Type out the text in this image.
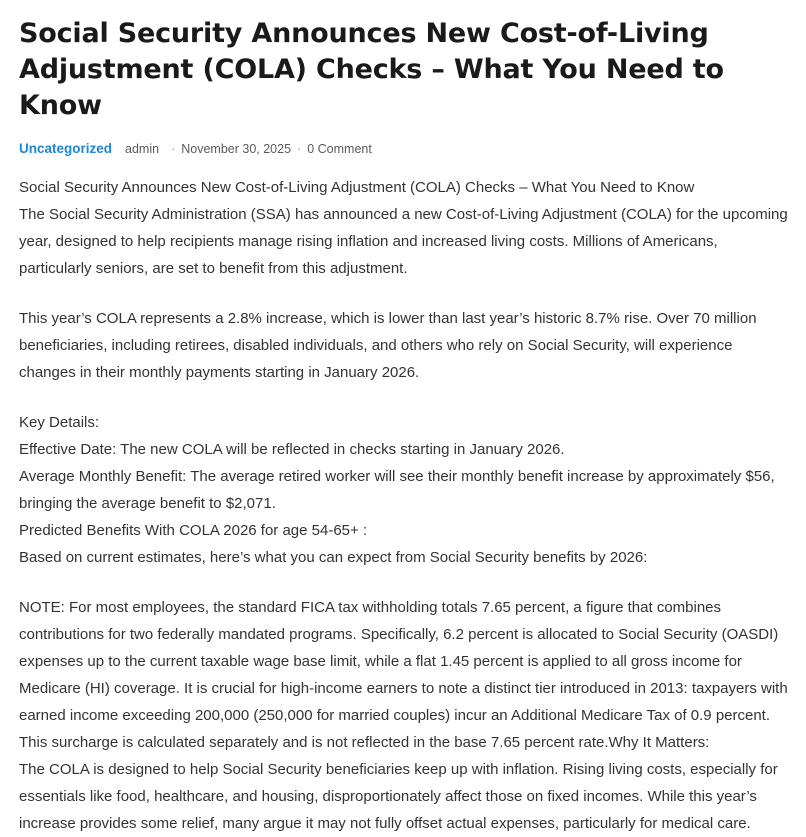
Social Security Announces New Cost-of-Living Adjustment (COLA) Checks – What You Need to Know
Uncategorized admin · November 30, 2025 · 0 Comment

Social Security Announces New Cost-of-Living Adjustment (COLA) Checks – What You Need to Know

The Social Security Administration (SSA) has announced a new Cost-of-Living Adjustment (COLA) for the upcoming year, designed to help recipients manage rising inflation and increased living costs. Millions of Americans, particularly seniors, are set to benefit from this adjustment.

This year’s COLA represents a 2.8% increase, which is lower than last year’s historic 8.7% rise. Over 70 million beneficiaries, including retirees, disabled individuals, and others who rely on Social Security, will experience changes in their monthly payments starting in January 2026.

Key Details:

Effective Date: The new COLA will be reflected in checks starting in January 2026.

Average Monthly Benefit: The average retired worker will see their monthly benefit increase by approximately $56, bringing the average benefit to $2,071.

Predicted Benefits With COLA 2026 for age 54-65+ :

Based on current estimates, here’s what you can expect from Social Security benefits by 2026:

NOTE: For most employees, the standard FICA tax withholding totals 7.65 percent, a figure that combines contributions for two federally mandated programs. Specifically, 6.2 percent is allocated to Social Security (OASDI) expenses up to the current taxable wage base limit, while a flat 1.45 percent is applied to all gross income for Medicare (HI) coverage. It is crucial for high-income earners to note a distinct tier introduced in 2013: taxpayers with earned income exceeding 200,000 (250,000 for married couples) incur an Additional Medicare Tax of 0.9 percent. This surcharge is calculated separately and is not reflected in the base 7.65 percent rate.Why It Matters:

The COLA is designed to help Social Security beneficiaries keep up with inflation. Rising living costs, especially for essentials like food, healthcare, and housing, disproportionately affect those on fixed incomes. While this year’s increase provides some relief, many argue it may not fully offset actual expenses, particularly for medical care.
